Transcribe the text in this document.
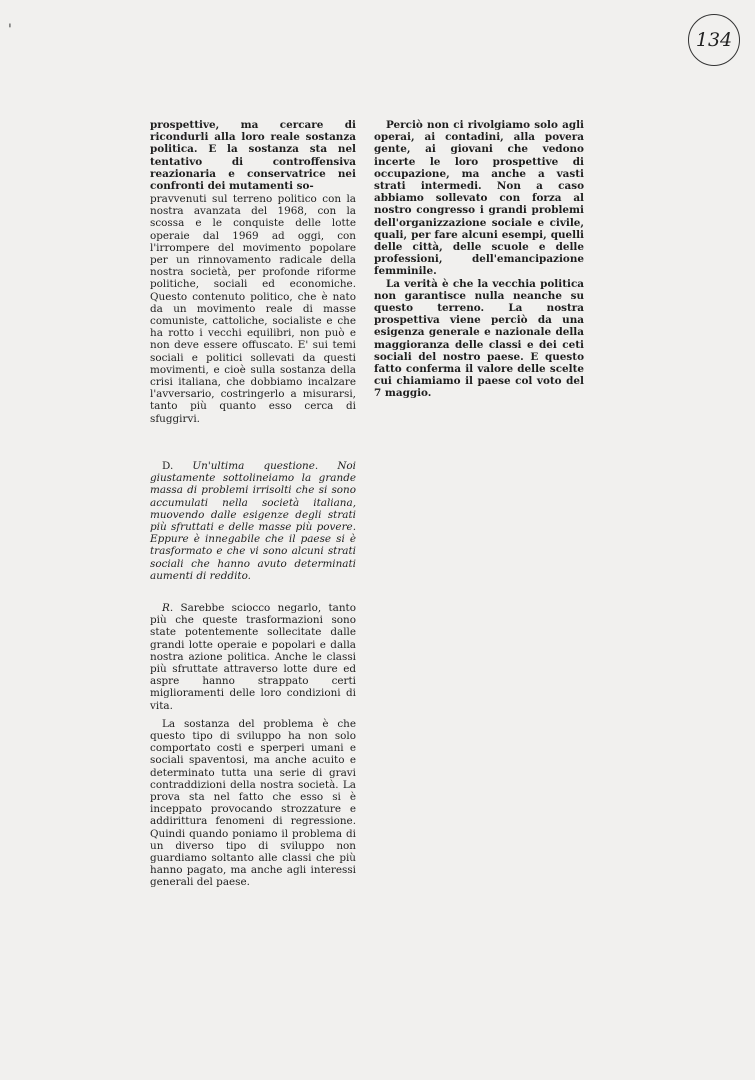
'	134

prospettive, ma cercare di ricondurli alla loro reale sostanza politica. E la sostanza sta nel tentativo di controffensiva reazionaria e conservatrice nei confronti dei mutamenti so-

pravvenuti sul terreno politico con la nostra avanzata del 1968, con la scossa e le conquiste delle lotte operaie dal 1969 ad oggi, con l'irrompere del movimento popolare per un rinnovamento radicale della nostra società, per profonde riforme politiche, sociali ed economiche. Questo contenuto politico, che è nato da un movimento reale di masse comuniste, cattoliche, socialiste e che ha rotto i vecchi equilibri, non può e non deve essere offuscato. E' sui temi sociali e politici sollevati da questi movimenti, e cioè sulla sostanza della crisi italiana, che dobbiamo incalzare l'avversario, costringerlo a misurarsi, tanto più quanto esso cerca di sfuggirvi.

D. Un'ultima questione. Noi giustamente sottolineiamo la grande massa di problemi irrisolti che si sono accumulati nella società italiana, muovendo dalle esigenze degli strati più sfruttati e delle masse più povere. Eppure è innegabile che il paese si è trasformato e che vi sono alcuni strati sociali che hanno avuto determinati aumenti di reddito.

R. Sarebbe sciocco negarlo, tanto più che queste trasformazioni sono state potentemente sollecitate dalle grandi lotte operaie e popolari e dalla nostra azione politica. Anche le classi più sfruttate attraverso lotte dure ed aspre hanno strappato certi miglioramenti delle loro condizioni di vita.

La sostanza del problema è che questo tipo di sviluppo ha non solo comportato costi e sperperi umani e sociali spaventosi, ma anche acuito e determinato tutta una serie di gravi contraddizioni della nostra società. La prova sta nel fatto che esso si è inceppato provocando strozzature e addirittura fenomeni di regressione. Quindi quando poniamo il problema di un diverso tipo di sviluppo non guardiamo soltanto alle classi che più hanno pagato, ma anche agli interessi generali del paese.

Perciò non ci rivolgiamo solo agli operai, ai contadini, alla povera gente, ai giovani che vedono incerte le loro prospettive di occupazione, ma anche a vasti strati intermedi. Non a caso abbiamo sollevato con forza al nostro congresso i grandi problemi dell'organizzazione sociale e civile, quali, per fare alcuni esempi, quelli delle città, delle scuole e delle professioni, dell'emancipazione femminile.

La verità è che la vecchia politica non garantisce nulla neanche su questo terreno. La nostra prospettiva viene perciò da una esigenza generale e nazionale della maggioranza delle classi e dei ceti sociali del nostro paese. E questo fatto conferma il valore delle scelte cui chiamiamo il paese col voto del 7 maggio.
